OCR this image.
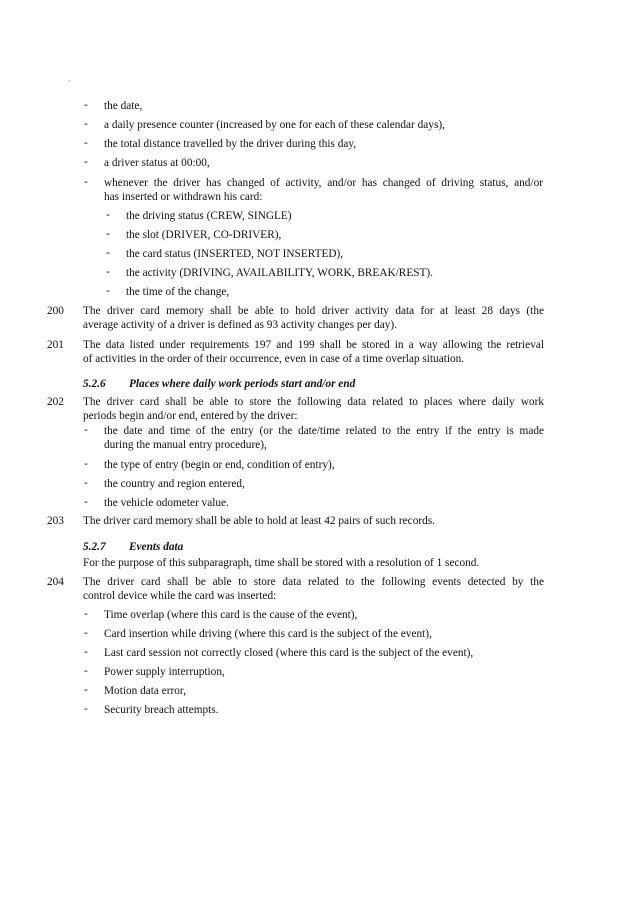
- the date,
- a daily presence counter (increased by one for each of these calendar days),
- the total distance travelled by the driver during this day,
- a driver status at 00:00,
- whenever the driver has changed of activity, and/or has changed of driving status, and/or
has inserted or withdrawn his card:
- the driving status (CREW, SINGLE)
- the slot (DRIVER, CO-DRIVER),
- the card status (INSERTED, NOT INSERTED),
- the activity (DRIVING, AVAILABILITY, WORK, BREAK/REST).
- the time of the change,
200 The driver card memory shall be able to hold driver activity data for at least 28 days (the
average activity of a driver is defined as 93 activity changes per day).
201 The data listed under requirements 197 and 199 shall be stored in a way allowing the retrieval
of activities in the order of their occurrence, even in case of a time overlap situation.
5.2.6 Places where daily work periods start and/or end
202 The driver card shall be able to store the following data related to places where daily work
periods begin and/or end, entered by the driver:
- the date and time of the entry (or the date/time related to the entry if the entry is made
during the manual entry procedure),
- the type of entry (begin or end, condition of entry),
- the country and region entered,
- the vehicle odometer value.
203 The driver card memory shall be able to hold at least 42 pairs of such records.
5.2.7 Events data
For the purpose of this subparagraph, time shall be stored with a resolution of 1 second.
204 The driver card shall be able to store data related to the following events detected by the
control device while the card was inserted:
- Time overlap (where this card is the cause of the event),
- Card insertion while driving (where this card is the subject of the event),
- Last card session not correctly closed (where this card is the subject of the event),
- Power supply interruption,
- Motion data error,
- Security breach attempts.
